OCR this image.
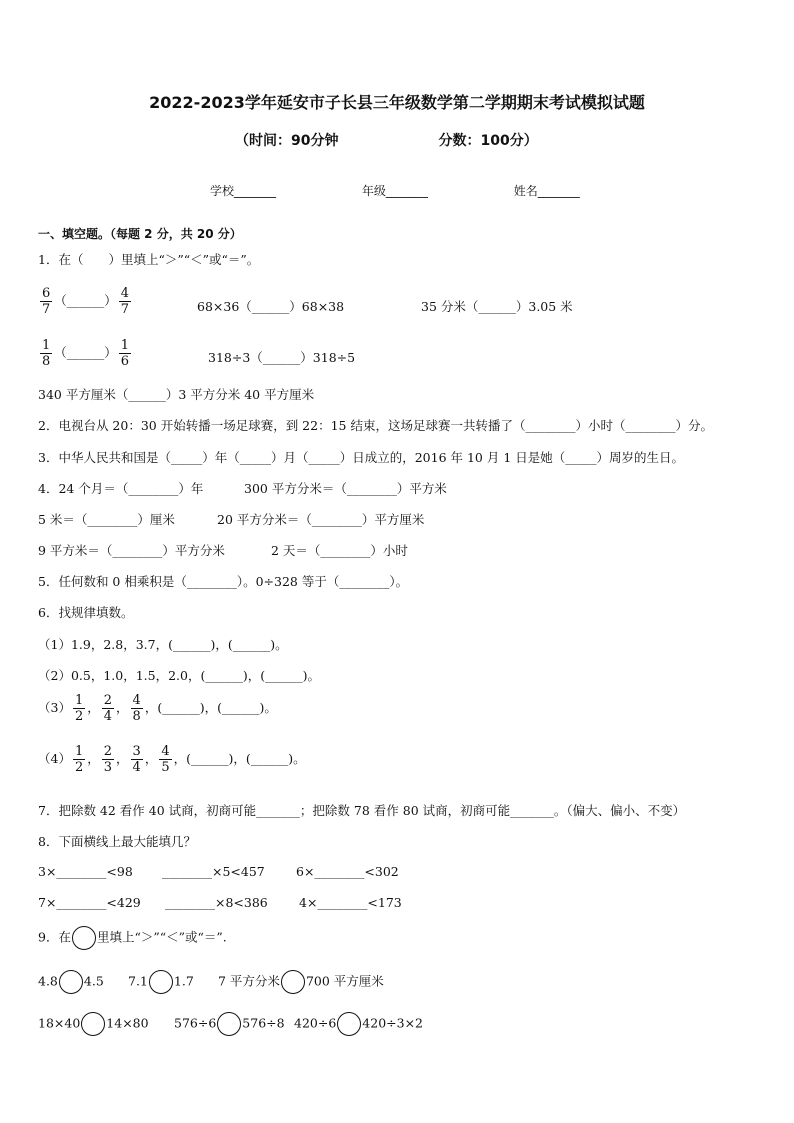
2022-2023学年延安市子长县三年级数学第二学期期末考试模拟试题
（时间：90分钟	分数：100分）
学校_______	年级_______	姓名_______
一、填空题。（每题 2 分，共 20 分）
1．在（　　）里填上“＞”“＜”或“＝”。
$\frac{6}{7}$ （______） $\frac{4}{7}$	68×36（______）68×38	35 分米（______）3.05 米
$\frac{1}{8}$ （______） $\frac{1}{6}$	318÷3（______）318÷5
340 平方厘米（______）3 平方分米 40 平方厘米
2．电视台从 20：30 开始转播一场足球赛，到 22：15 结束，这场足球赛一共转播了（________）小时（________）分。
3．中华人民共和国是（_____）年（_____）月（_____）日成立的，2016 年 10 月 1 日是她（_____）周岁的生日。
4．24 个月＝（________）年	300 平方分米＝（________）平方米
5 米＝（________）厘米	20 平方分米＝（________）平方厘米
9 平方米＝（________）平方分米	2 天＝（________）小时
5．任何数和 0 相乘积是（________）。0÷328 等于（________）。
6．找规律填数。
（1）1.9，2.8，3.7，(______)，(______)。
（2）0.5，1.0，1.5，2.0，(______)，(______)。
$(3) \frac{1}{2}$ ， $\frac{2}{4}$ ， $\frac{4}{8}$ ，(______)，(______)。
$(4) \frac{1}{2}$ ， $\frac{2}{3}$ ， $\frac{3}{4}$ ， $\frac{4}{5}$ ，(______)，(______)。
7．把除数 42 看作 40 试商，初商可能_______；把除数 78 看作 80 试商，初商可能_______。（偏大、偏小、不变）
8．下面横线上最大能填几？
3×________<98 ________×5<457 6×________<302
7×________<429 ________×8<386 4×________<173
9．在 里填上“＞”“＜”或“＝”.
4.8 4.5 7.1 1.7 7 平方分米 700 平方厘米
18×40 14×80 576÷6 576÷8 420÷6 420÷3×2
